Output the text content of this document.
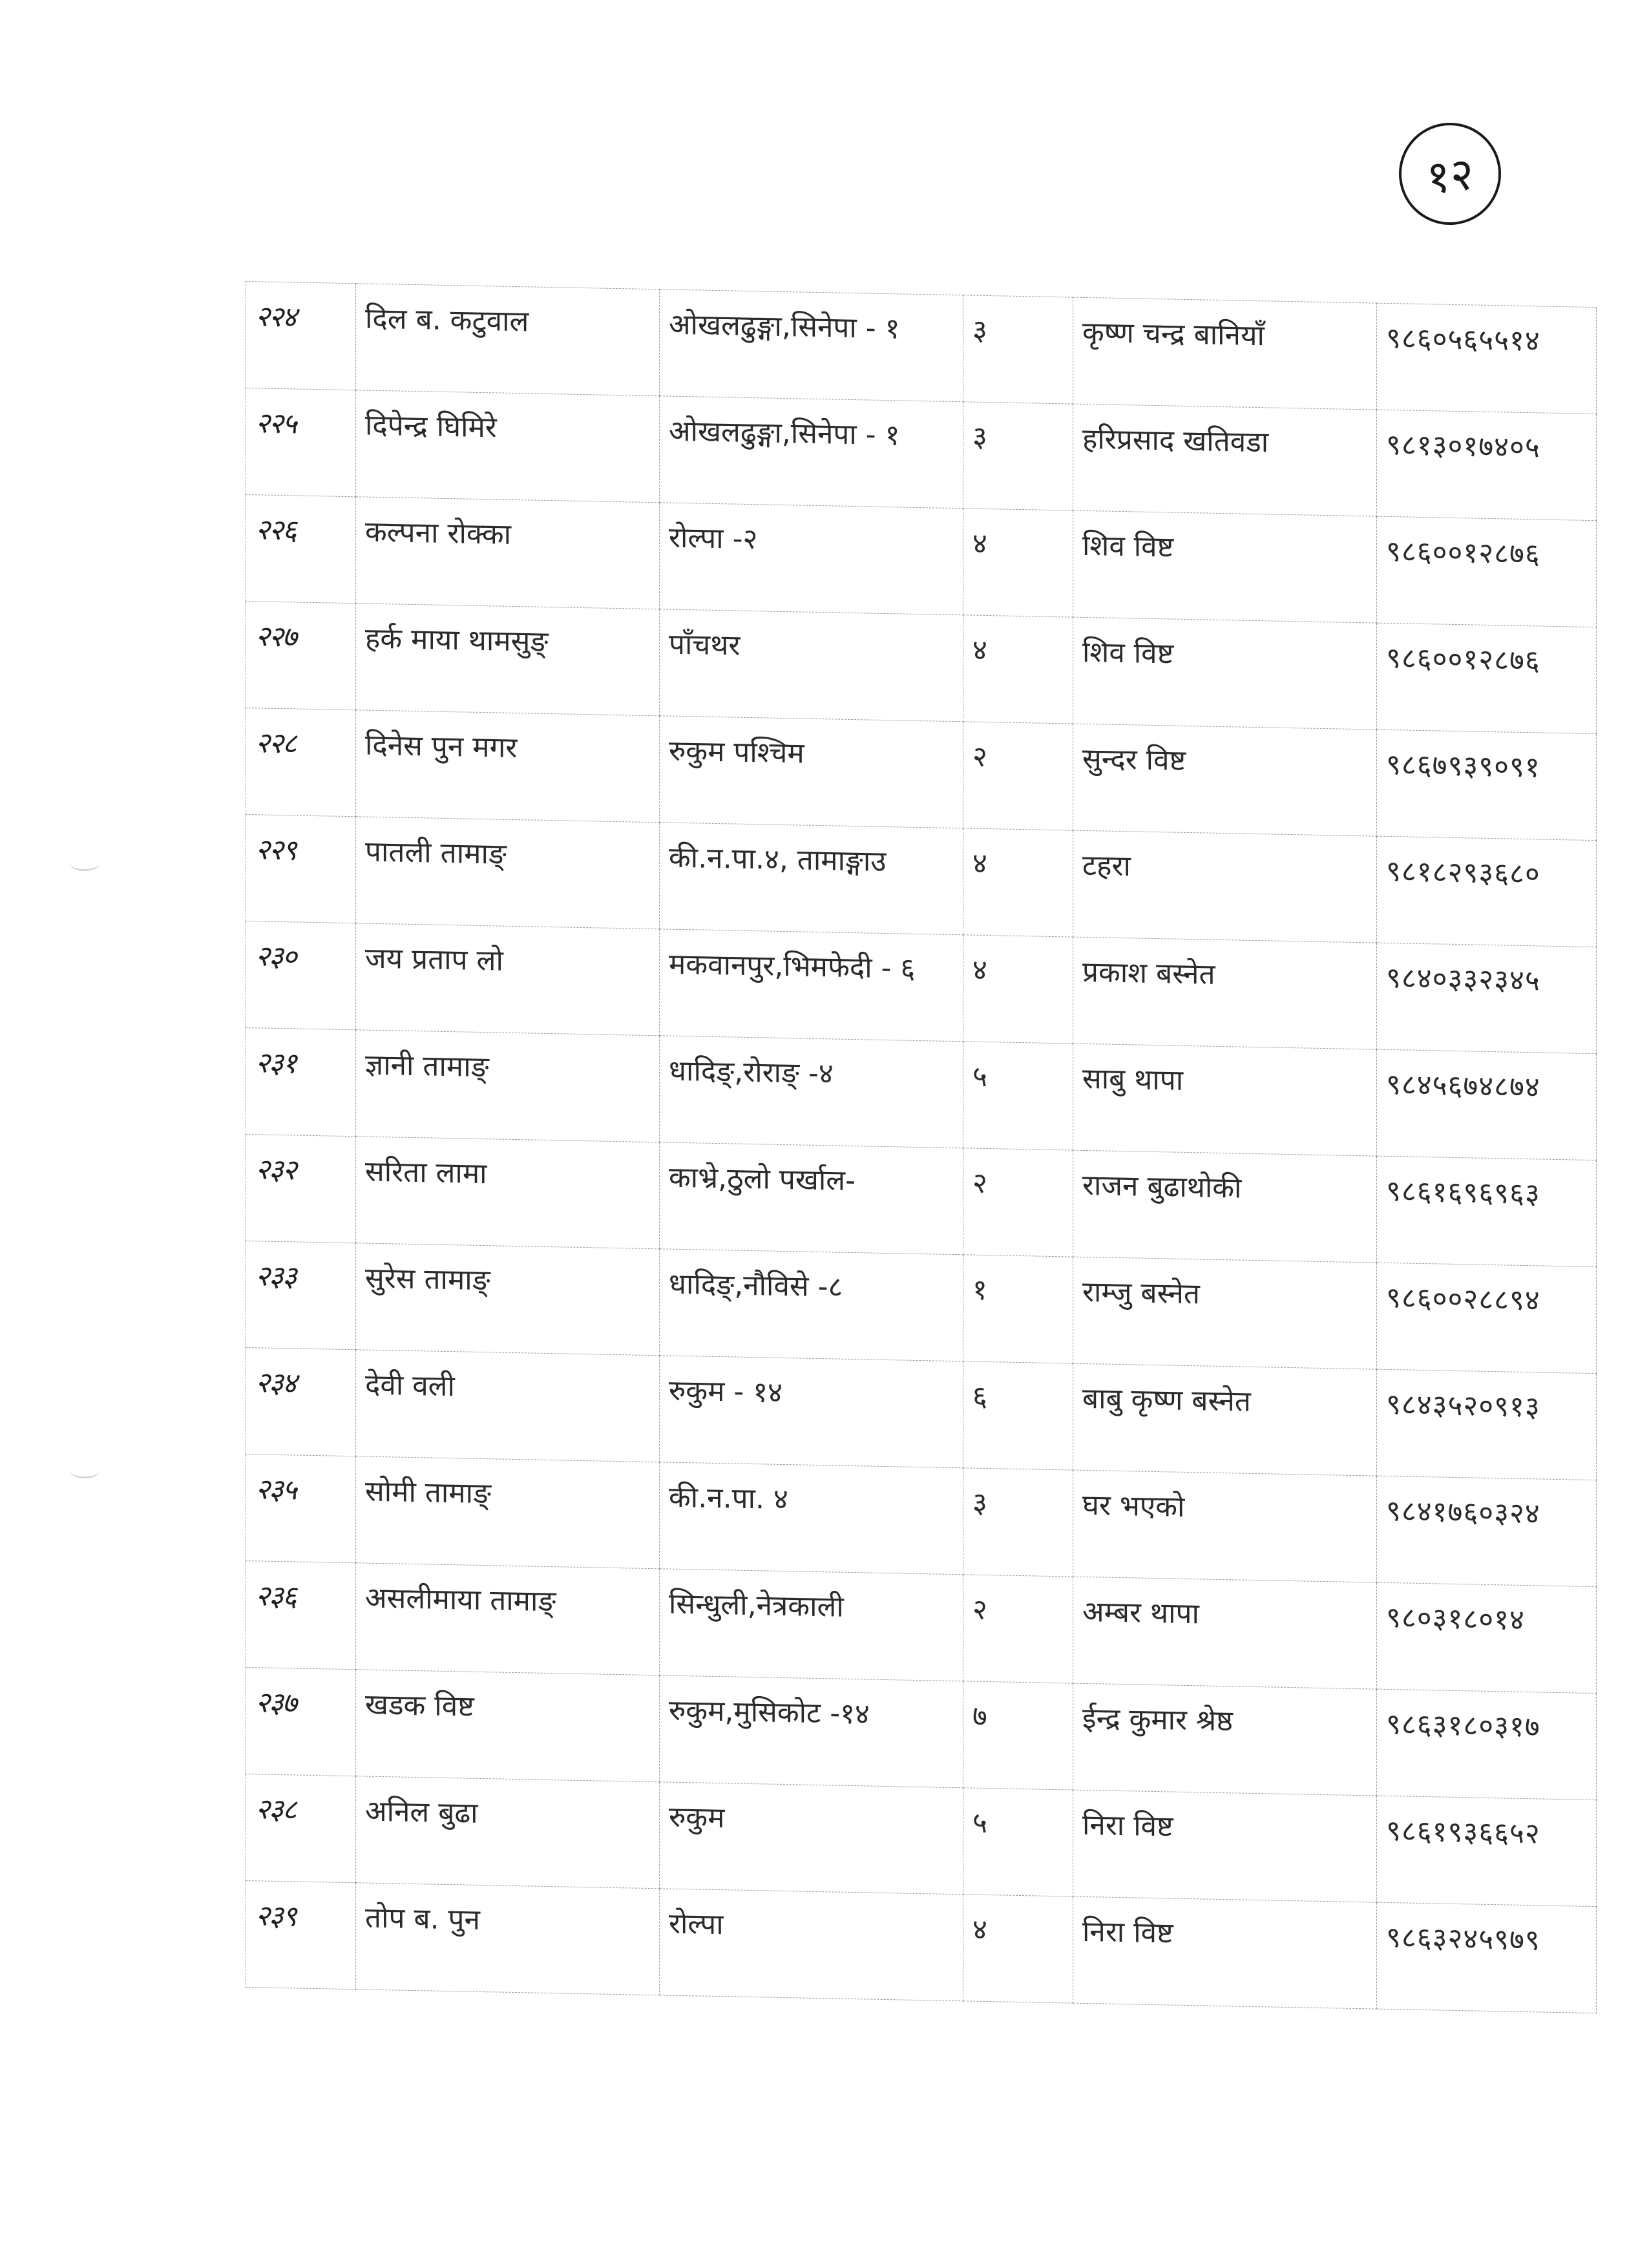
१२
२२४	दिल ब. कटुवाल	ओखलढुङ्गा,सिनेपा - १	३	कृष्ण चन्द्र बानियाँ	९८६०५६५५१४
२२५	दिपेन्द्र घिमिरे	ओखलढुङ्गा,सिनेपा - १	३	हरिप्रसाद खतिवडा	९८१३०१७४०५
२२६	कल्पना रोक्का	रोल्पा -२	४	शिव विष्ट	९८६००१२८७६
२२७	हर्क माया थामसुङ्	पाँचथर	४	शिव विष्ट	९८६००१२८७६
२२८	दिनेस पुन मगर	रुकुम पश्चिम	२	सुन्दर विष्ट	९८६७९३९०९१
२२९	पातली तामाङ्	की.न.पा.४, तामाङ्गाउ	४	टहरा	९८१८२९३६८०
२३०	जय प्रताप लो	मकवानपुर,भिमफेदी - ६	४	प्रकाश बस्नेत	९८४०३३२३४५
२३१	ज्ञानी तामाङ्	धादिङ्,रोराङ् -४	५	साबु थापा	९८४५६७४८७४
२३२	सरिता लामा	काभ्रे,ठुलो पर्खाल-	२	राजन बुढाथोकी	९८६१६९६९६३
२३३	सुरेस तामाङ्	धादिङ्,नौविसे -८	१	राम्जु बस्नेत	९८६००२८८९४
२३४	देवी वली	रुकुम - १४	६	बाबु कृष्ण बस्नेत	९८४३५२०९१३
२३५	सोमी तामाङ्	की.न.पा. ४	३	घर भएको	९८४१७६०३२४
२३६	असलीमाया तामाङ्	सिन्धुली,नेत्रकाली	२	अम्बर थापा	९८०३१८०१४
२३७	खडक विष्ट	रुकुम,मुसिकोट -१४	७	ईन्द्र कुमार श्रेष्ठ	९८६३१८०३१७
२३८	अनिल बुढा	रुकुम	५	निरा विष्ट	९८६१९३६६५२
२३९	तोप ब. पुन	रोल्पा	४	निरा विष्ट	९८६३२४५९७९
